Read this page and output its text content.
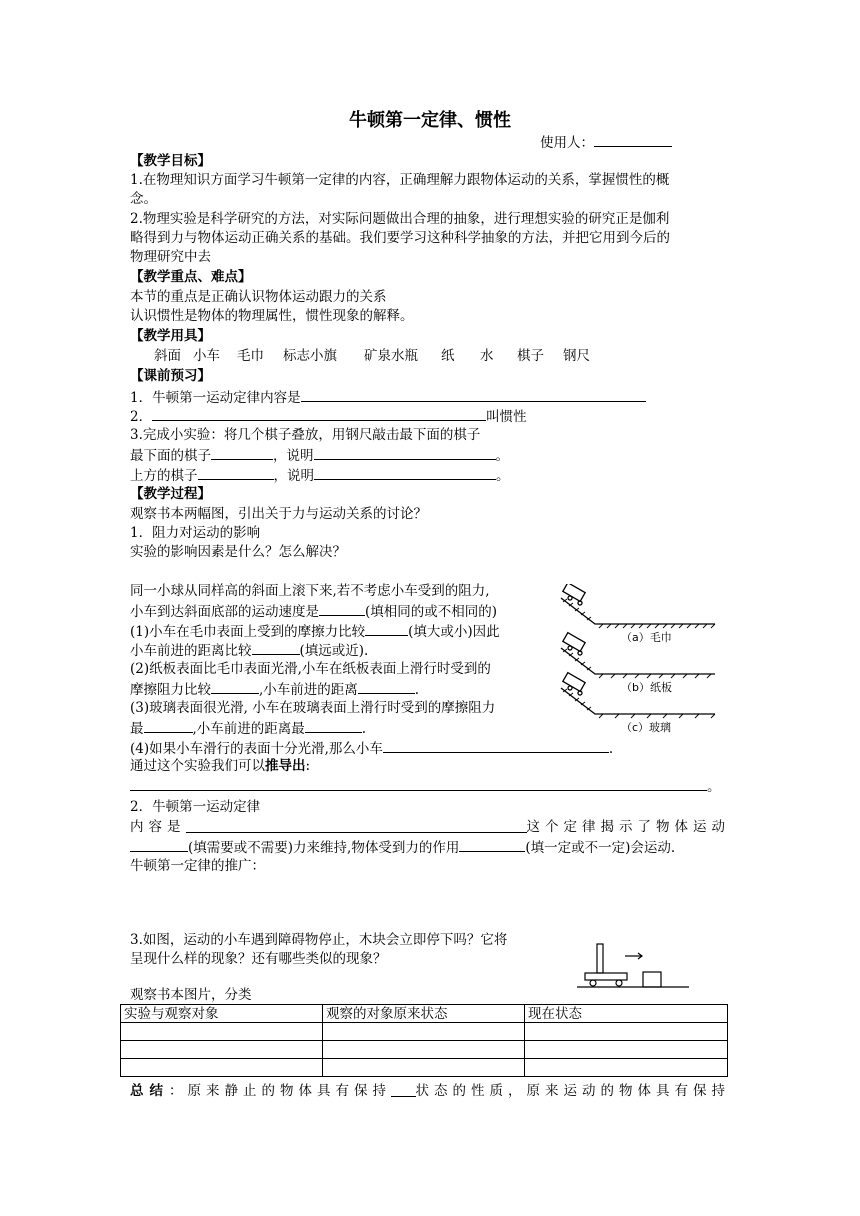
牛顿第一定律、惯性
使用人：
【教学目标】
1.在物理知识方面学习牛顿第一定律的内容，正确理解力跟物体运动的关系，掌握惯性的概
念。
2.物理实验是科学研究的方法，对实际问题做出合理的抽象，进行理想实验的研究正是伽利
略得到力与物体运动正确关系的基础。我们要学习这种科学抽象的方法，并把它用到今后的
物理研究中去
【教学重点、难点】
本节的重点是正确认识物体运动跟力的关系
认识惯性是物体的物理属性，惯性现象的解释。
【教学用具】
斜面 小车 毛巾 标志小旗 矿泉水瓶 纸 水 棋子 钢尺
【课前预习】
1．牛顿第一运动定律内容是
2．	叫惯性
3.完成小实验：将几个棋子叠放，用钢尺敲击最下面的棋子
最下面的棋子	，说明	。
上方的棋子	，说明	。
【教学过程】
观察书本两幅图，引出关于力与运动关系的讨论？
1．阻力对运动的影响
实验的影响因素是什么？怎么解决？
同一小球从同样高的斜面上滚下来,若不考虑小车受到的阻力,
小车到达斜面底部的运动速度是	(填相同的或不相同的)
(1)小车在毛巾表面上受到的摩擦力比较	(填大或小)因此
小车前进的距离比较	(填远或近).
(2)纸板表面比毛巾表面光滑,小车在纸板表面上滑行时受到的
摩擦阻力比较	,小车前进的距离	.
(3)玻璃表面很光滑, 小车在玻璃表面上滑行时受到的摩擦阻力
最	,小车前进的距离最	.
(4)如果小车滑行的表面十分光滑,那么小车	.
通过这个实验我们可以推导出:
。
（a）毛巾
（b）纸板
（c）玻璃
2．牛顿第一运动定律
内容是	这个定律揭示了物体运动
(填需要或不需要)力来维持,物体受到力的作用	(填一定或不一定)会运动.
牛顿第一定律的推广：
3.如图，运动的小车遇到障碍物停止，木块会立即停下吗？它将
呈现什么样的现象？还有哪些类似的现象？
观察书本图片，分类
实验与观察对象	观察的对象原来状态	现在状态

总结 ：原来静止的物体具有保持 状态的性质，原来运动的物体具有保持
